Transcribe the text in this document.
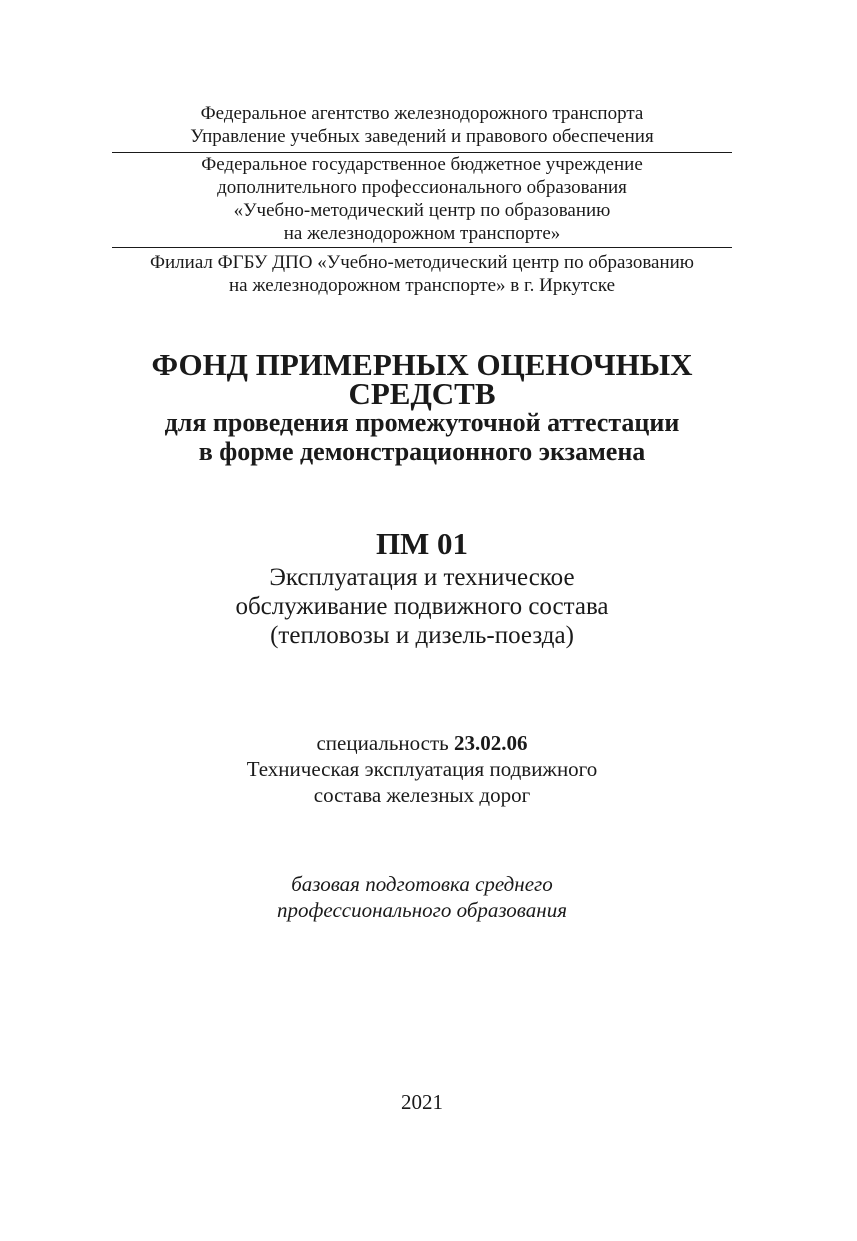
Федеральное агентство железнодорожного транспорта
Управление учебных заведений и правового обеспечения
Федеральное государственное бюджетное учреждение
дополнительного профессионального образования
«Учебно-методический центр по образованию
на железнодорожном транспорте»
Филиал ФГБУ ДПО «Учебно-методический центр по образованию
на железнодорожном транспорте» в г. Иркутске
ФОНД ПРИМЕРНЫХ ОЦЕНОЧНЫХ
СРЕДСТВ
для проведения промежуточной аттестации
в форме демонстрационного экзамена
ПМ 01
Эксплуатация и техническое
обслуживание подвижного состава
(тепловозы и дизель-поезда)
специальность 23.02.06
Техническая эксплуатация подвижного
состава железных дорог
базовая подготовка среднего
профессионального образования
2021
